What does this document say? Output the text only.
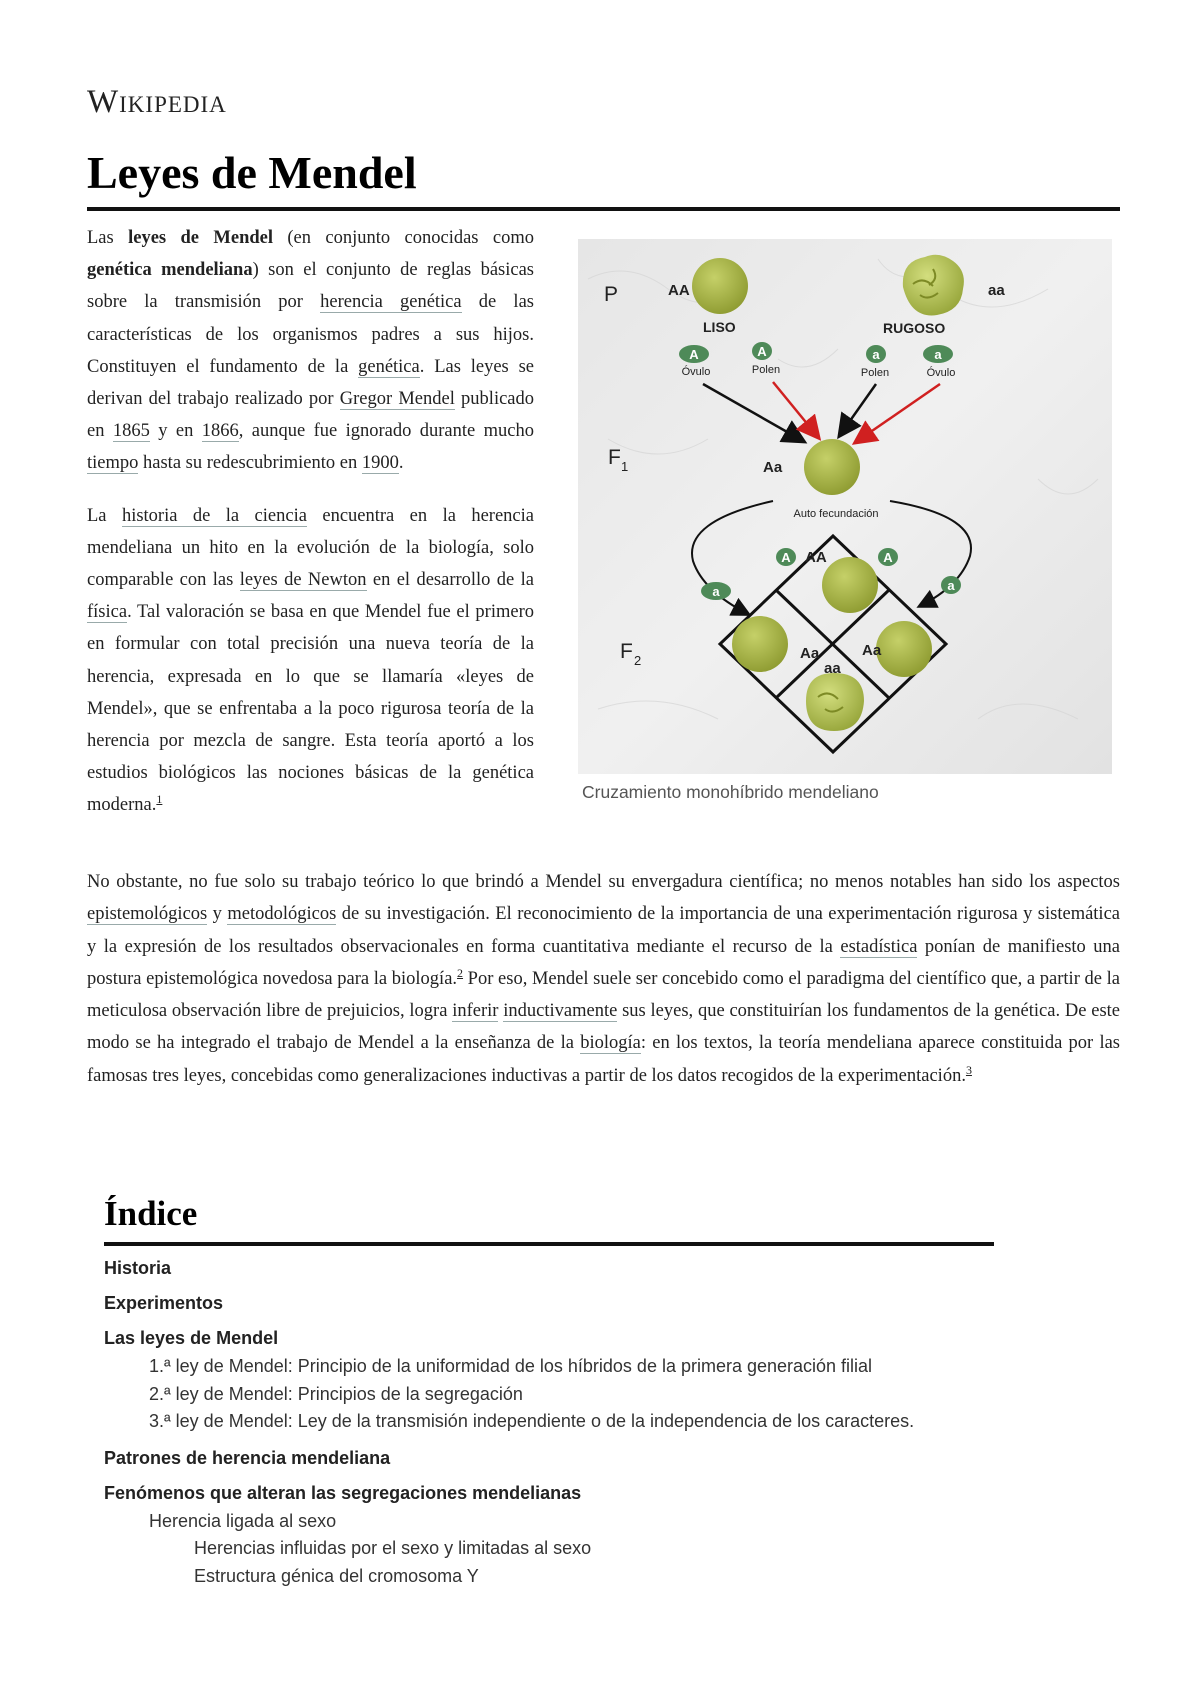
Wikipedia
Leyes de Mendel

Las leyes de Mendel (en conjunto conocidas como genética mendeliana) son el conjunto de reglas básicas sobre la transmisión por herencia genética de las características de los organismos padres a sus hijos. Constituyen el fundamento de la genética. Las leyes se derivan del trabajo realizado por Gregor Mendel publicado en 1865 y en 1866, aunque fue ignorado durante mucho tiempo hasta su redescubrimiento en 1900.

La historia de la ciencia encuentra en la herencia mendeliana un hito en la evolución de la biología, solo comparable con las leyes de Newton en el desarrollo de la física. Tal valoración se basa en que Mendel fue el primero en formular con total precisión una nueva teoría de la herencia, expresada en lo que se llamaría «leyes de Mendel», que se enfrentaba a la poco rigurosa teoría de la herencia por mezcla de sangre. Esta teoría aportó a los estudios biológicos las nociones básicas de la genética moderna.$^1$

P
F 1
F 2
AA	aa
LISO	RUGOSO
A	A	a	a
Óvulo	Polen	Polen	Óvulo
Aa
Auto fecundación
A	A
a	a
AA
Aa	Aa
aa
Cruzamiento monohíbrido mendeliano

No obstante, no fue solo su trabajo teórico lo que brindó a Mendel su envergadura científica; no menos notables han sido los aspectos epistemológicos y metodológicos de su investigación. El reconocimiento de la importancia de una experimentación rigurosa y sistemática y la expresión de los resultados observacionales en forma cuantitativa mediante el recurso de la estadística ponían de manifiesto una postura epistemológica novedosa para la biología.$^2$ Por eso, Mendel suele ser concebido como el paradigma del científico que, a partir de la meticulosa observación libre de prejuicios, logra inferir inductivamente sus leyes, que constituirían los fundamentos de la genética. De este modo se ha integrado el trabajo de Mendel a la enseñanza de la biología: en los textos, la teoría mendeliana aparece constituida por las famosas tres leyes, concebidas como generalizaciones inductivas a partir de los datos recogidos de la experimentación.$^3$

Índice
Historia
Experimentos
Las leyes de Mendel
1.ª ley de Mendel: Principio de la uniformidad de los híbridos de la primera generación filial
2.ª ley de Mendel: Principios de la segregación
3.ª ley de Mendel: Ley de la transmisión independiente o de la independencia de los caracteres.
Patrones de herencia mendeliana
Fenómenos que alteran las segregaciones mendelianas
Herencia ligada al sexo
Herencias influidas por el sexo y limitadas al sexo
Estructura génica del cromosoma Y
